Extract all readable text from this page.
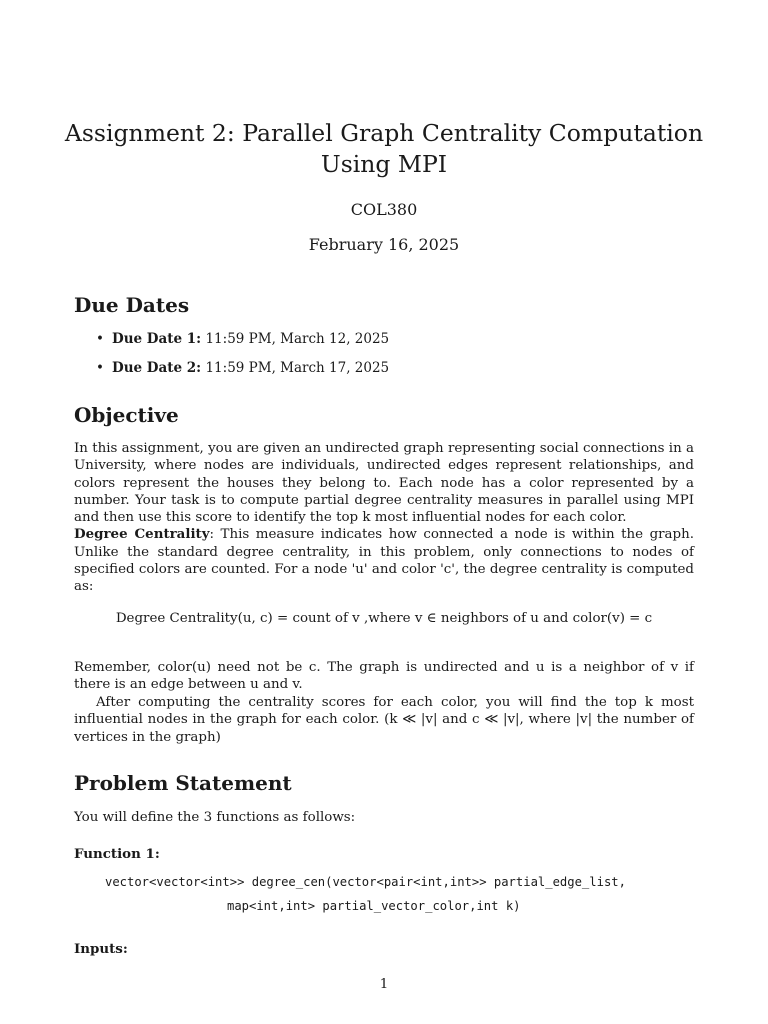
Assignment 2: Parallel Graph Centrality Computation
Using MPI
COL380
February 16, 2025
Due Dates
• Due Date 1: 11:59 PM, March 12, 2025
• Due Date 2: 11:59 PM, March 17, 2025
Objective

In this assignment, you are given an undirected graph representing social connections in a University, where nodes are individuals, undirected edges represent relationships, and colors represent the houses they belong to. Each node has a color represented by a number. Your task is to compute partial degree centrality measures in parallel using MPI and then use this score to identify the top k most influential nodes for each color.
Degree Centrality: This measure indicates how connected a node is within the graph. Unlike the standard degree centrality, in this problem, only connections to nodes of specified colors are counted. For a node 'u' and color 'c', the degree centrality is computed as:

Degree Centrality(u, c) = count of v ,where v ∈ neighbors of u and color(v) = c

Remember, color(u) need not be c. The graph is undirected and u is a neighbor of v if there is an edge between u and v.

After computing the centrality scores for each color, you will find the top k most influential nodes in the graph for each color. (k ≪ |v| and c ≪ |v|, where |v| the number of vertices in the graph)

Problem Statement

You will define the 3 functions as follows:

Function 1:
vector<vector<int>> degree_cen(vector<pair<int,int>> partial_edge_list,
map<int,int> partial_vector_color,int k)
Inputs:
1
